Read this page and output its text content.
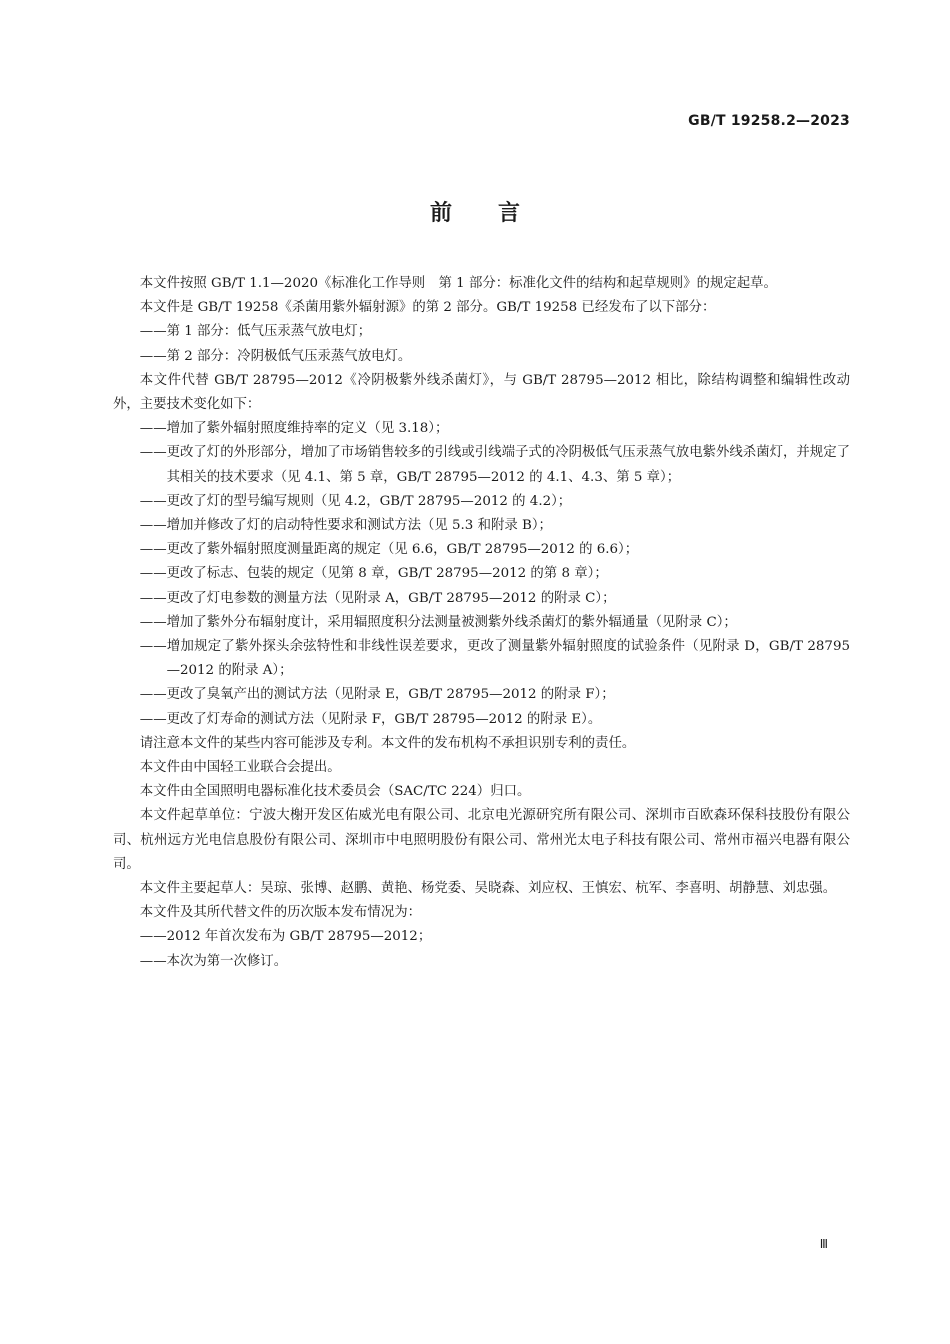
GB/T 19258.2—2023
前言

本文件按照 GB/T 1.1—2020《标准化工作导则　第 1 部分：标准化文件的结构和起草规则》的规定起草。

本文件是 GB/T 19258《杀菌用紫外辐射源》的第 2 部分。GB/T 19258 已经发布了以下部分：

——第 1 部分：低气压汞蒸气放电灯；

——第 2 部分：冷阴极低气压汞蒸气放电灯。

本文件代替 GB/T 28795—2012《冷阴极紫外线杀菌灯》，与 GB/T 28795—2012 相比，除结构调整和编辑性改动外，主要技术变化如下：

——增加了紫外辐射照度维持率的定义（见 3.18）；

——更改了灯的外形部分，增加了市场销售较多的引线或引线端子式的冷阴极低气压汞蒸气放电紫外线杀菌灯，并规定了其相关的技术要求（见 4.1、第 5 章，GB/T 28795—2012 的 4.1、4.3、第 5 章）；

——更改了灯的型号编写规则（见 4.2，GB/T 28795—2012 的 4.2）；

——增加并修改了灯的启动特性要求和测试方法（见 5.3 和附录 B）；

——更改了紫外辐射照度测量距离的规定（见 6.6，GB/T 28795—2012 的 6.6）；

——更改了标志、包装的规定（见第 8 章，GB/T 28795—2012 的第 8 章）；

——更改了灯电参数的测量方法（见附录 A，GB/T 28795—2012 的附录 C）；

——增加了紫外分布辐射度计，采用辐照度积分法测量被测紫外线杀菌灯的紫外辐通量（见附录 C）；

——增加规定了紫外探头余弦特性和非线性误差要求，更改了测量紫外辐射照度的试验条件（见附录 D，GB/T 28795—2012 的附录 A）；

——更改了臭氧产出的测试方法（见附录 E，GB/T 28795—2012 的附录 F）；

——更改了灯寿命的测试方法（见附录 F，GB/T 28795—2012 的附录 E）。

请注意本文件的某些内容可能涉及专利。本文件的发布机构不承担识别专利的责任。

本文件由中国轻工业联合会提出。

本文件由全国照明电器标准化技术委员会（SAC/TC 224）归口。

本文件起草单位：宁波大榭开发区佑威光电有限公司、北京电光源研究所有限公司、深圳市百欧森环保科技股份有限公司、杭州远方光电信息股份有限公司、深圳市中电照明股份有限公司、常州光太电子科技有限公司、常州市福兴电器有限公司。

本文件主要起草人：吴琼、张博、赵鹏、黄艳、杨党委、吴晓森、刘应权、王慎宏、杭军、李喜明、胡静慧、刘忠强。

本文件及其所代替文件的历次版本发布情况为：

——2012 年首次发布为 GB/T 28795—2012；

——本次为第一次修订。

Ⅲ
